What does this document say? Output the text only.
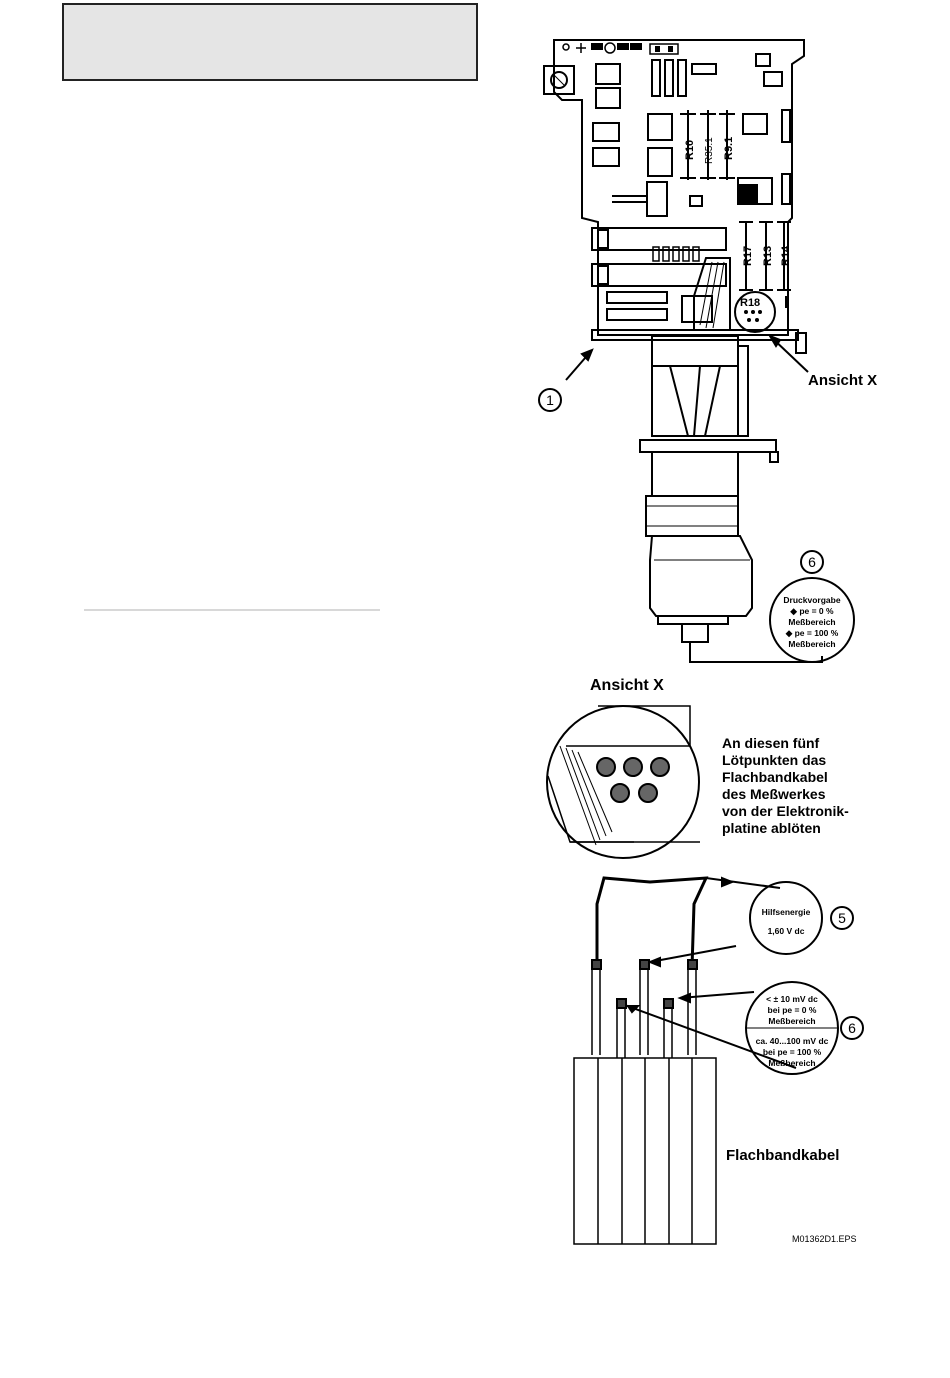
R10 R35.1 R9.1
R17 R13 R14
R18
1
Ansicht X
6
Druckvorgabe
◆ pe = 0 %
Meßbereich
◆ pe = 100 %
Meßbereich
Ansicht X
An diesen fünf
Lötpunkten das
Flachbandkabel
des Meßwerkes
von der Elektronik-
platine ablöten
Hilfsenergie
1,60 V dc
5
< ± 10 mV dc
bei pe = 0 %
Meßbereich
ca. 40...100 mV dc
bei pe = 100 %
Meßbereich
6
Flachbandkabel
M01362D1.EPS
